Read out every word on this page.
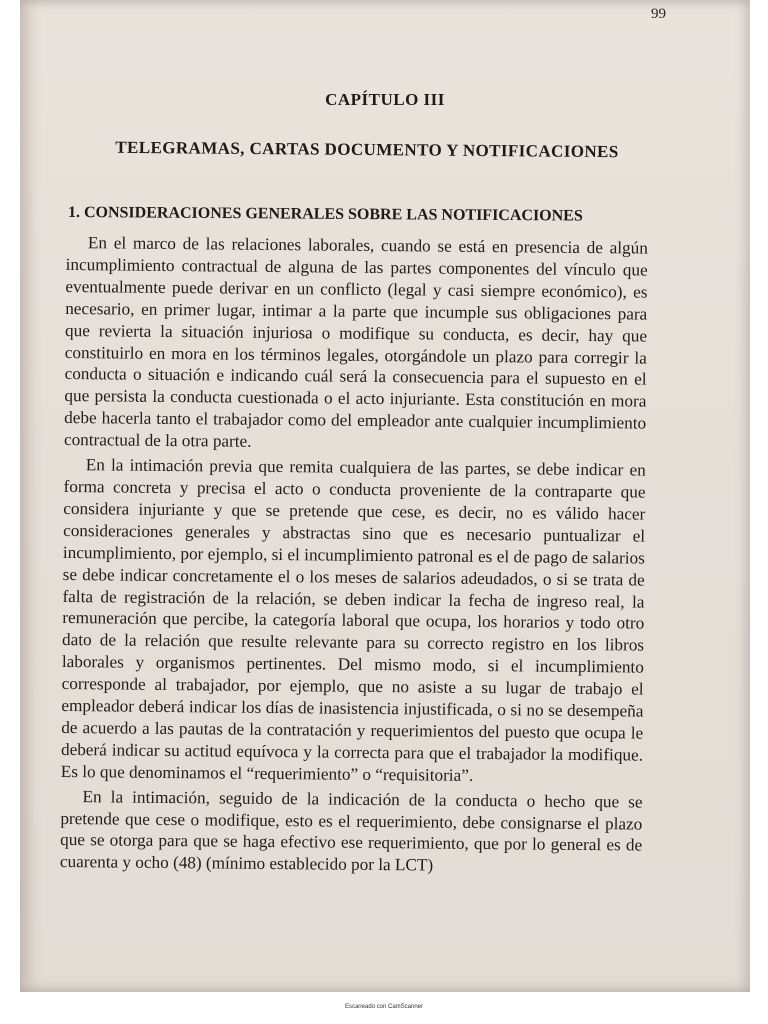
99
CAPÍTULO III
TELEGRAMAS, CARTAS DOCUMENTO Y NOTIFICACIONES
1. CONSIDERACIONES GENERALES SOBRE LAS NOTIFICACIONES

En el marco de las relaciones laborales, cuando se está en presencia de algún incumplimiento contractual de alguna de las partes componentes del vínculo que eventualmente puede derivar en un conflicto (legal y casi siempre económico), es necesario, en primer lugar, intimar a la parte que incumple sus obligaciones para que revierta la situación injuriosa o modifique su conducta, es decir, hay que constituirlo en mora en los términos legales, otorgándole un plazo para corregir la conducta o situación e indicando cuál será la consecuencia para el supuesto en el que persista la conducta cuestionada o el acto injuriante. Esta constitución en mora debe hacerla tanto el trabajador como del empleador ante cualquier incumplimiento contractual de la otra parte.

En la intimación previa que remita cualquiera de las partes, se debe indicar en forma concreta y precisa el acto o conducta proveniente de la contraparte que considera injuriante y que se pretende que cese, es decir, no es válido hacer consideraciones generales y abstractas sino que es necesario puntualizar el incumplimiento, por ejemplo, si el incumplimiento patronal es el de pago de salarios se debe indicar concretamente el o los meses de salarios adeudados, o si se trata de falta de registración de la relación, se deben indicar la fecha de ingreso real, la remuneración que percibe, la categoría laboral que ocupa, los horarios y todo otro dato de la relación que resulte relevante para su correcto registro en los libros laborales y organismos pertinentes. Del mismo modo, si el incumplimiento corresponde al trabajador, por ejemplo, que no asiste a su lugar de trabajo el empleador deberá indicar los días de inasistencia injustificada, o si no se desempeña de acuerdo a las pautas de la contratación y requerimientos del puesto que ocupa le deberá indicar su actitud equívoca y la correcta para que el trabajador la modifique. Es lo que denominamos el “requerimiento” o “requisitoria”.

En la intimación, seguido de la indicación de la conducta o hecho que se pretende que cese o modifique, esto es el requerimiento, debe consignarse el plazo que se otorga para que se haga efectivo ese requerimiento, que por lo general es de cuarenta y ocho (48) (mínimo establecido por la LCT)

Escaneado con CamScanner
